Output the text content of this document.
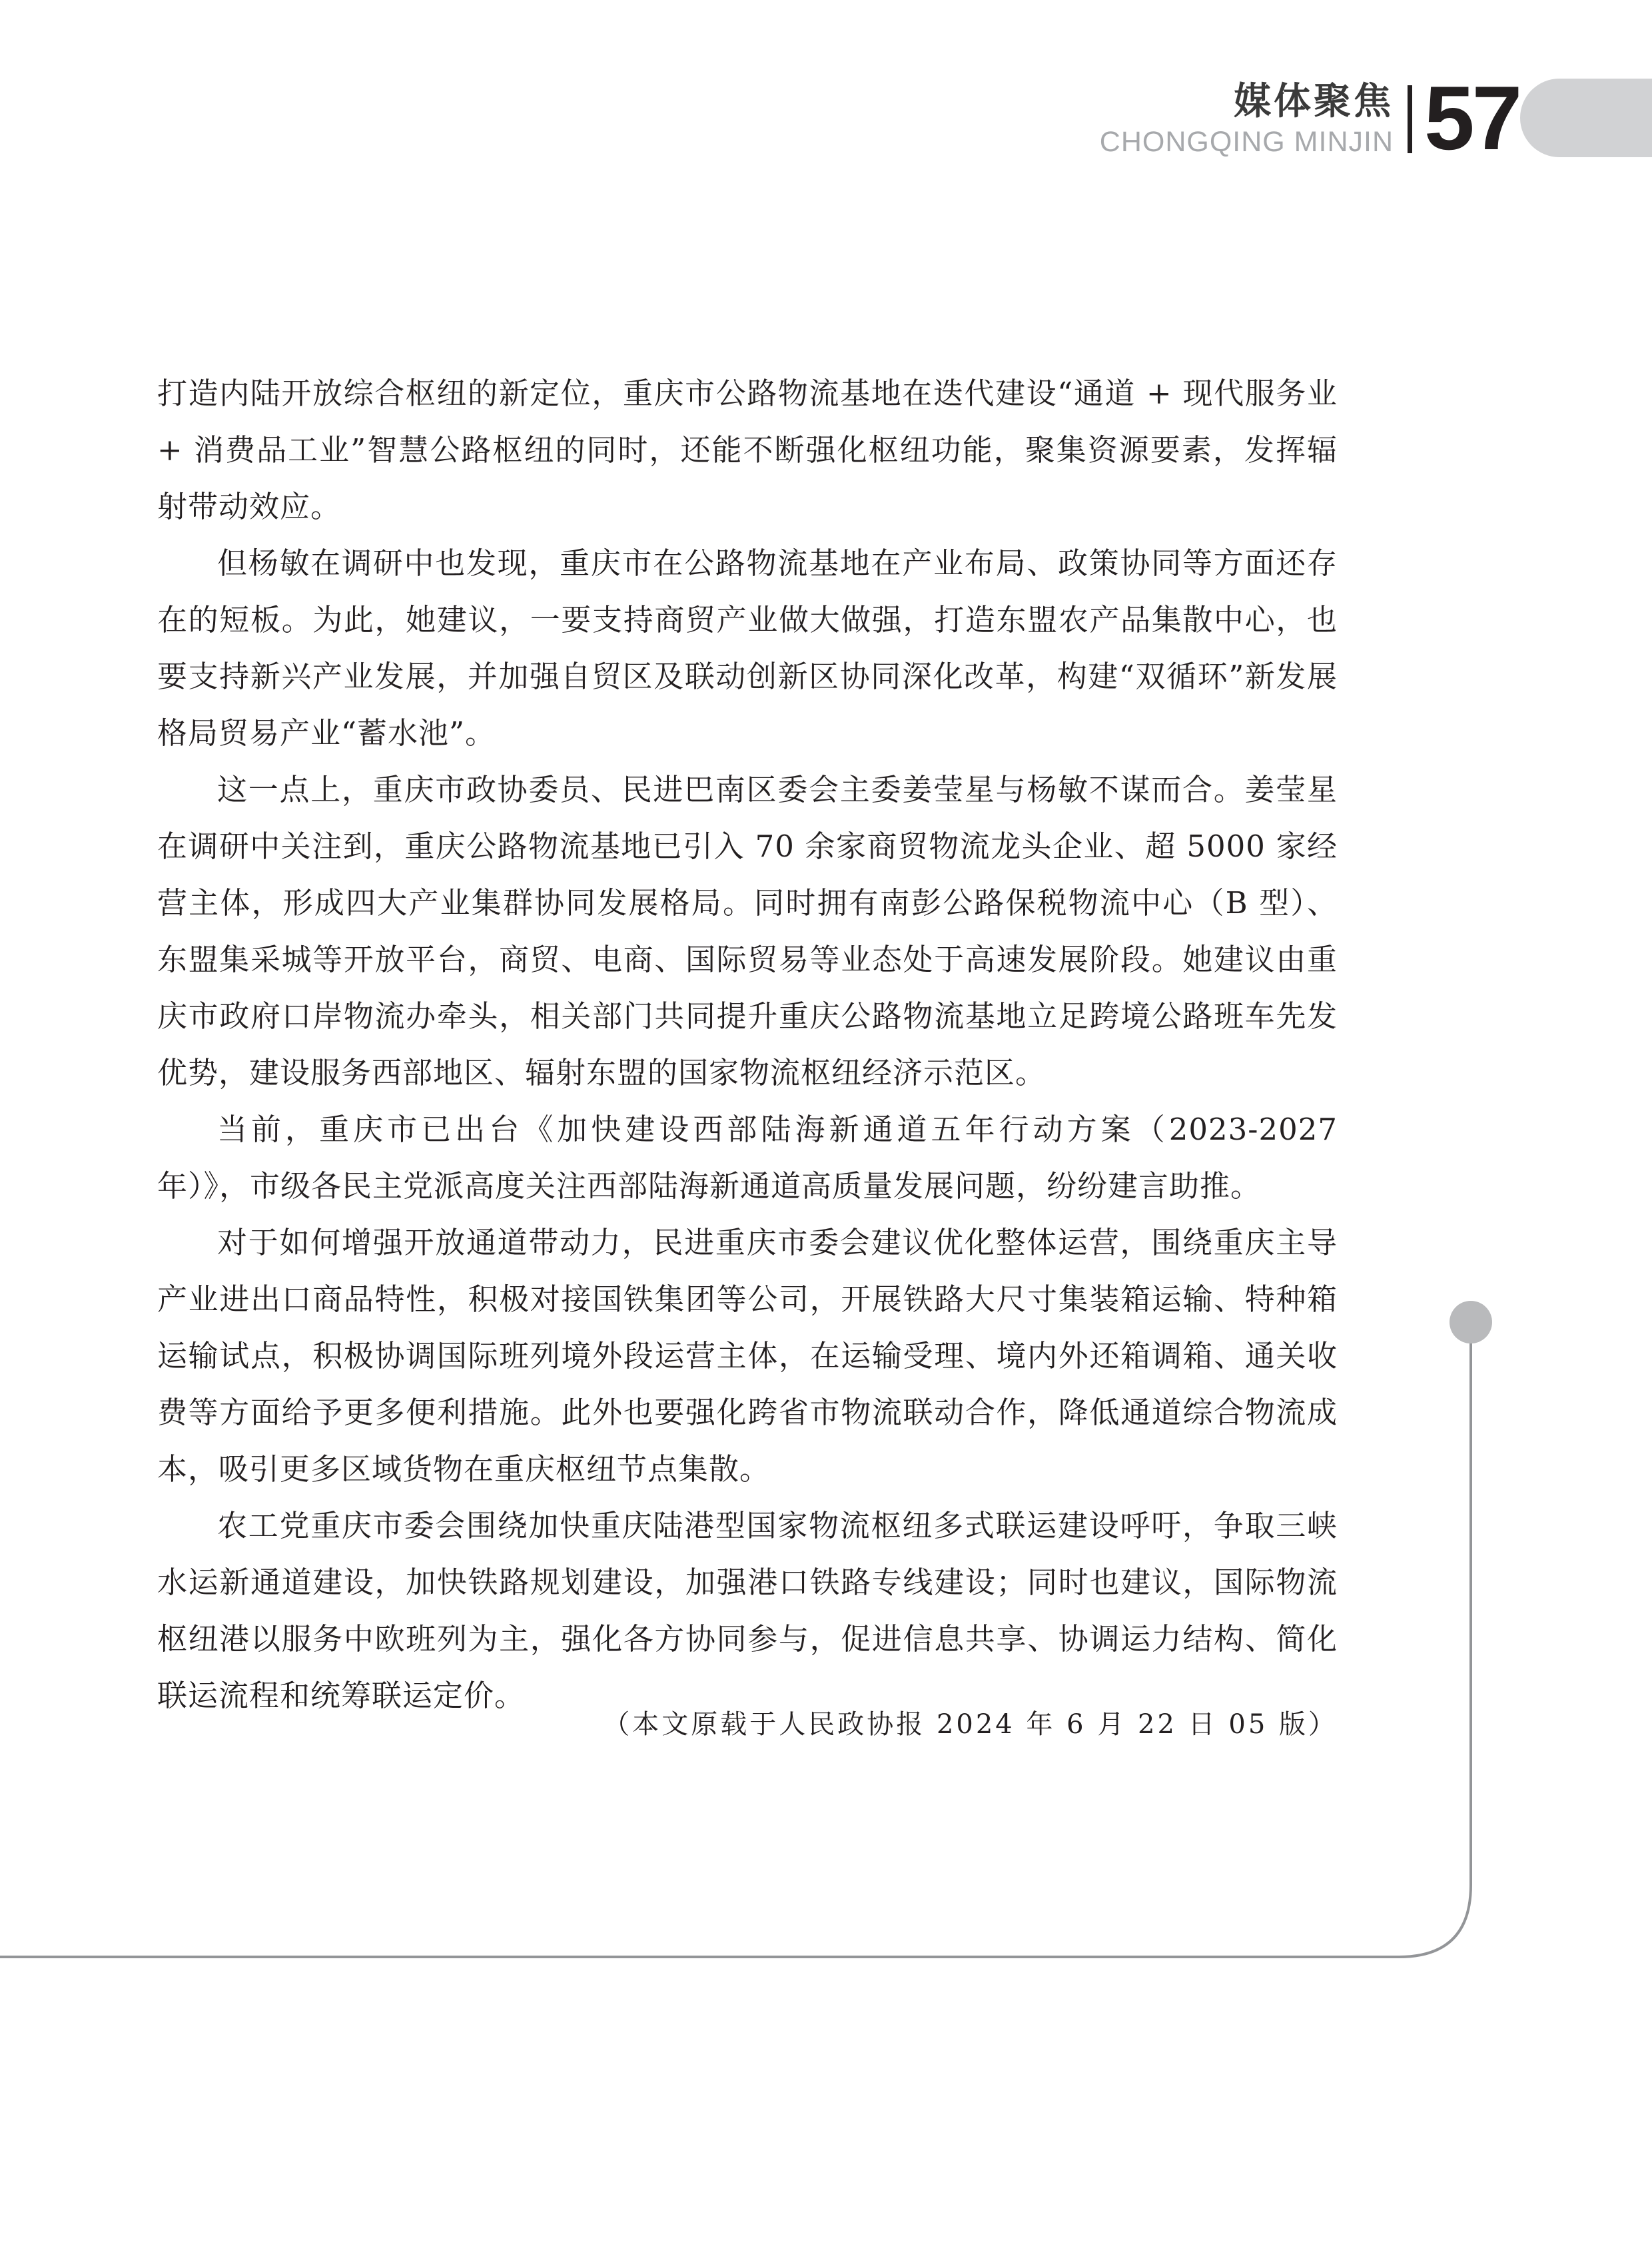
媒体聚焦
CHONGQING MINJIN 57

打造内陆开放综合枢纽的新定位，重庆市公路物流基地在迭代建设“通道 + 现代服务业 + 消费品工业”智慧公路枢纽的同时，还能不断强化枢纽功能，聚集资源要素，发挥辐射带动效应。

但杨敏在调研中也发现，重庆市在公路物流基地在产业布局、政策协同等方面还存在的短板。为此，她建议，一要支持商贸产业做大做强，打造东盟农产品集散中心，也要支持新兴产业发展，并加强自贸区及联动创新区协同深化改革，构建“双循环”新发展格局贸易产业“蓄水池”。

这一点上，重庆市政协委员、民进巴南区委会主委姜莹星与杨敏不谋而合。姜莹星在调研中关注到，重庆公路物流基地已引入 70 余家商贸物流龙头企业、超 5000 家经营主体，形成四大产业集群协同发展格局。同时拥有南彭公路保税物流中心（B 型）、东盟集采城等开放平台，商贸、电商、国际贸易等业态处于高速发展阶段。她建议由重庆市政府口岸物流办牵头，相关部门共同提升重庆公路物流基地立足跨境公路班车先发优势，建设服务西部地区、辐射东盟的国家物流枢纽经济示范区。

当前，重庆市已出台《加快建设西部陆海新通道五年行动方案（2023-2027 年）》，市级各民主党派高度关注西部陆海新通道高质量发展问题，纷纷建言助推。

对于如何增强开放通道带动力，民进重庆市委会建议优化整体运营，围绕重庆主导产业进出口商品特性，积极对接国铁集团等公司，开展铁路大尺寸集装箱运输、特种箱运输试点，积极协调国际班列境外段运营主体，在运输受理、境内外还箱调箱、通关收费等方面给予更多便利措施。此外也要强化跨省市物流联动合作，降低通道综合物流成本，吸引更多区域货物在重庆枢纽节点集散。

农工党重庆市委会围绕加快重庆陆港型国家物流枢纽多式联运建设呼吁，争取三峡水运新通道建设，加快铁路规划建设，加强港口铁路专线建设；同时也建议，国际物流枢纽港以服务中欧班列为主，强化各方协同参与，促进信息共享、协调运力结构、简化联运流程和统筹联运定价。

（本文原载于人民政协报 2024 年 6 月 22 日 05 版）
